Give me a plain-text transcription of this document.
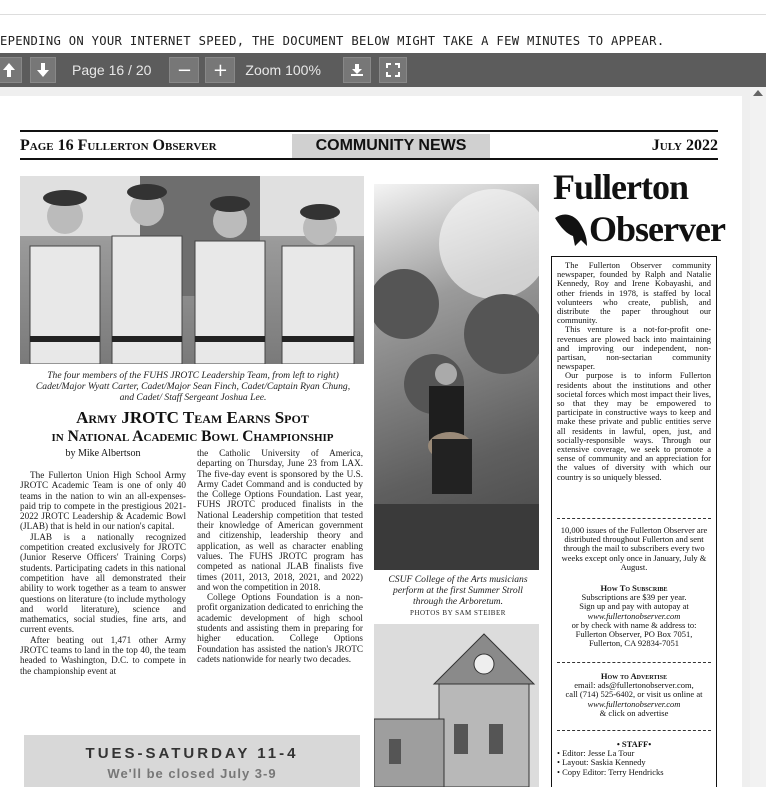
EPENDING ON YOUR INTERNET SPEED, THE DOCUMENT BELOW MIGHT TAKE A FEW MINUTES TO APPEAR.
Page 16 / 20	−	+	Zoom 100%
Page 16 Fullerton Observer	COMMUNITY NEWS	July 2022
The four members of the FUHS JROTC Leadership Team, from left to right) Cadet/Major Wyatt Carter, Cadet/Major Sean Finch, Cadet/Captain Ryan Chung, and Cadet/ Staff Sergeant Joshua Lee.
Army JROTC Team Earns Spot
in National Academic Bowl Championship
by Mike Albertson

The Fullerton Union High School Army JROTC Academic Team is one of only 40 teams in the nation to win an all-expenses-paid trip to compete in the prestigious 2021-2022 JROTC Leadership & Academic Bowl (JLAB) that is held in our nation's capital.

JLAB is a nationally recognized competition created exclusively for JROTC (Junior Reserve Officers' Training Corps) students. Participating cadets in this national competition have all demonstrated their ability to work together as a team to answer questions on literature (to include mythology and world literature), science and mathematics, social studies, fine arts, and current events.

After beating out 1,471 other Army JROTC teams to land in the top 40, the team headed to Washington, D.C. to compete in the championship event at

the Catholic University of America, departing on Thursday, June 23 from LAX. The five-day event is sponsored by the U.S. Army Cadet Command and is conducted by the College Options Foundation. Last year, FUHS JROTC produced finalists in the National Leadership competition that tested their knowledge of American government and citizenship, leadership theory and application, as well as character enabling values. The FUHS JROTC program has competed as national JLAB finalists five times (2011, 2013, 2018, 2021, and 2022) and won the competition in 2018.

College Options Foundation is a non-profit organization dedicated to enriching the academic development of high school students and assisting them in preparing for higher education. College Options Foundation has assisted the nation's JROTC cadets nationwide for nearly two decades.

TUES-SATURDAY 11-4
We'll be closed July 3-9
CSUF College of the Arts musicians perform at the first Summer Stroll through the Arboretum.
PHOTOS BY SAM STEIBER
Fullerton
Observer
The Fullerton Observer community newspaper, founded by Ralph and Natalie Kennedy, Roy and Irene Kobayashi, and other friends in 1978, is staffed by local volunteers who create, publish, and distribute the paper throughout our community.
This venture is a not-for-profit one-revenues are plowed back into maintaining and improving our independent, non-partisan, non-sectarian community newspaper.
Our purpose is to inform Fullerton residents about the institutions and other societal forces which most impact their lives, so that they may be empowered to participate in constructive ways to keep and make these private and public entities serve all residents in lawful, open, just, and socially-responsible ways. Through our extensive coverage, we seek to promote a sense of community and an appreciation for the values of diversity with which our country is so uniquely blessed.
10,000 issues of the Fullerton Observer are distributed throughout Fullerton and sent through the mail to subscribers every two weeks except only once in January, July & August.
How To Subscribe
Subscriptions are $39 per year.
Sign up and pay with autopay at
www.fullertonobserver.com
or by check with name & address to:
Fullerton Observer, PO Box 7051,
Fullerton, CA 92834-7051
How to Advertise
email: ads@fullertonobserver.com,
call (714) 525-6402, or visit us online at
www.fullertonobserver.com
& click on advertise
• STAFF•
• Editor: Jesse La Tour
• Layout: Saskia Kennedy
• Copy Editor: Terry Hendricks
